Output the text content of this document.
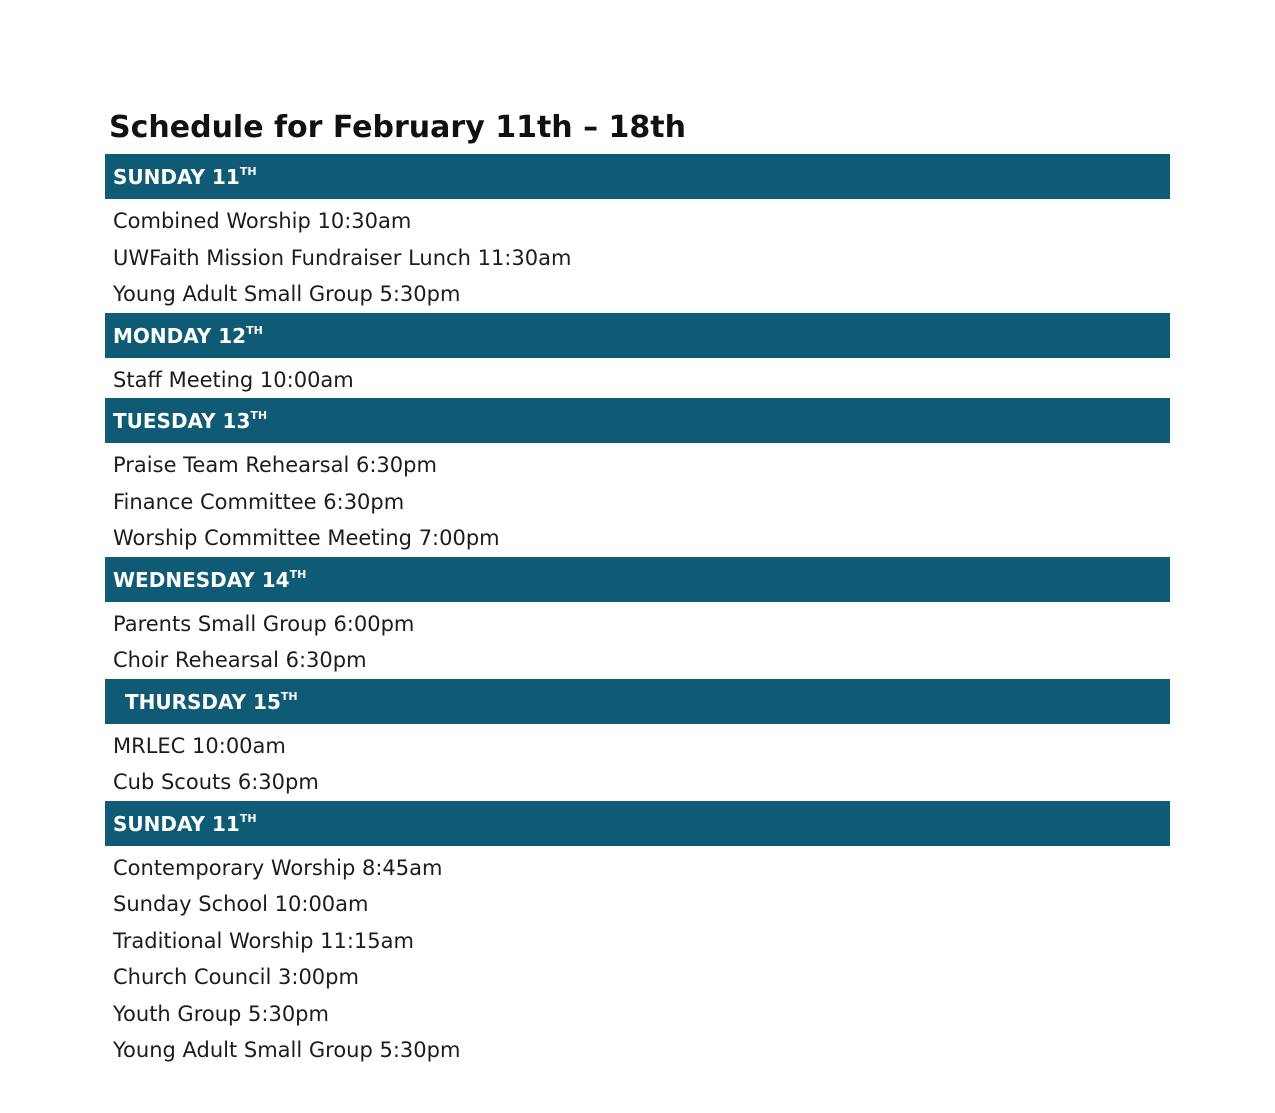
Schedule for February 11th – 18th
SUNDAY 11TH
Combined Worship 10:30am
UWFaith Mission Fundraiser Lunch 11:30am
Young Adult Small Group 5:30pm
MONDAY 12TH
Staff Meeting 10:00am
TUESDAY 13TH
Praise Team Rehearsal 6:30pm
Finance Committee 6:30pm
Worship Committee Meeting 7:00pm
WEDNESDAY 14TH
Parents Small Group 6:00pm
Choir Rehearsal 6:30pm
THURSDAY 15TH
MRLEC 10:00am
Cub Scouts 6:30pm
SUNDAY 11TH
Contemporary Worship 8:45am
Sunday School 10:00am
Traditional Worship 11:15am
Church Council 3:00pm
Youth Group 5:30pm
Young Adult Small Group 5:30pm
